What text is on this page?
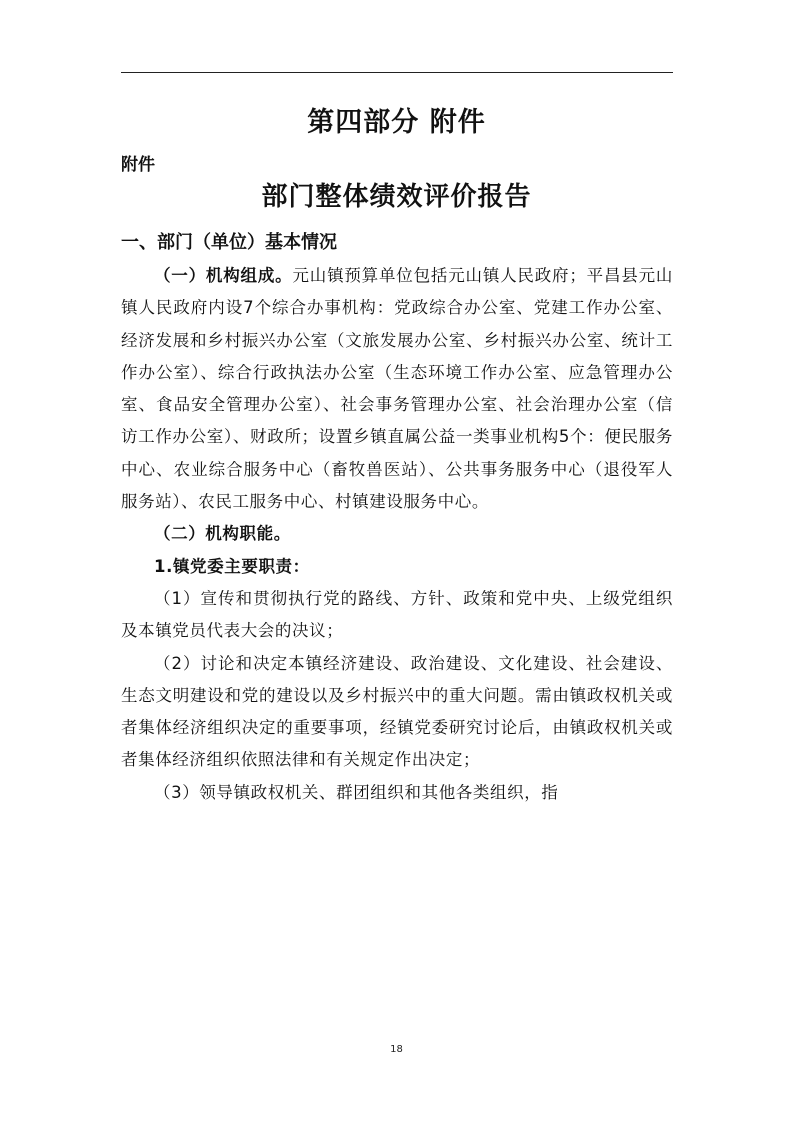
第四部分 附件
附件
部门整体绩效评价报告
一、部门（单位）基本情况

（一）机构组成。元山镇预算单位包括元山镇人民政府；平昌县元山镇人民政府内设7个综合办事机构：党政综合办公室、党建工作办公室、经济发展和乡村振兴办公室（文旅发展办公室、乡村振兴办公室、统计工作办公室）、综合行政执法办公室（生态环境工作办公室、应急管理办公室、食品安全管理办公室）、社会事务管理办公室、社会治理办公室（信访工作办公室）、财政所；设置乡镇直属公益一类事业机构5个：便民服务中心、农业综合服务中心（畜牧兽医站）、公共事务服务中心（退役军人服务站）、农民工服务中心、村镇建设服务中心。

（二）机构职能。

1.镇党委主要职责：

（1）宣传和贯彻执行党的路线、方针、政策和党中央、上级党组织及本镇党员代表大会的决议；

（2）讨论和决定本镇经济建设、政治建设、文化建设、社会建设、生态文明建设和党的建设以及乡村振兴中的重大问题。需由镇政权机关或者集体经济组织决定的重要事项，经镇党委研究讨论后，由镇政权机关或者集体经济组织依照法律和有关规定作出决定；

（3）领导镇政权机关、群团组织和其他各类组织，指

18
